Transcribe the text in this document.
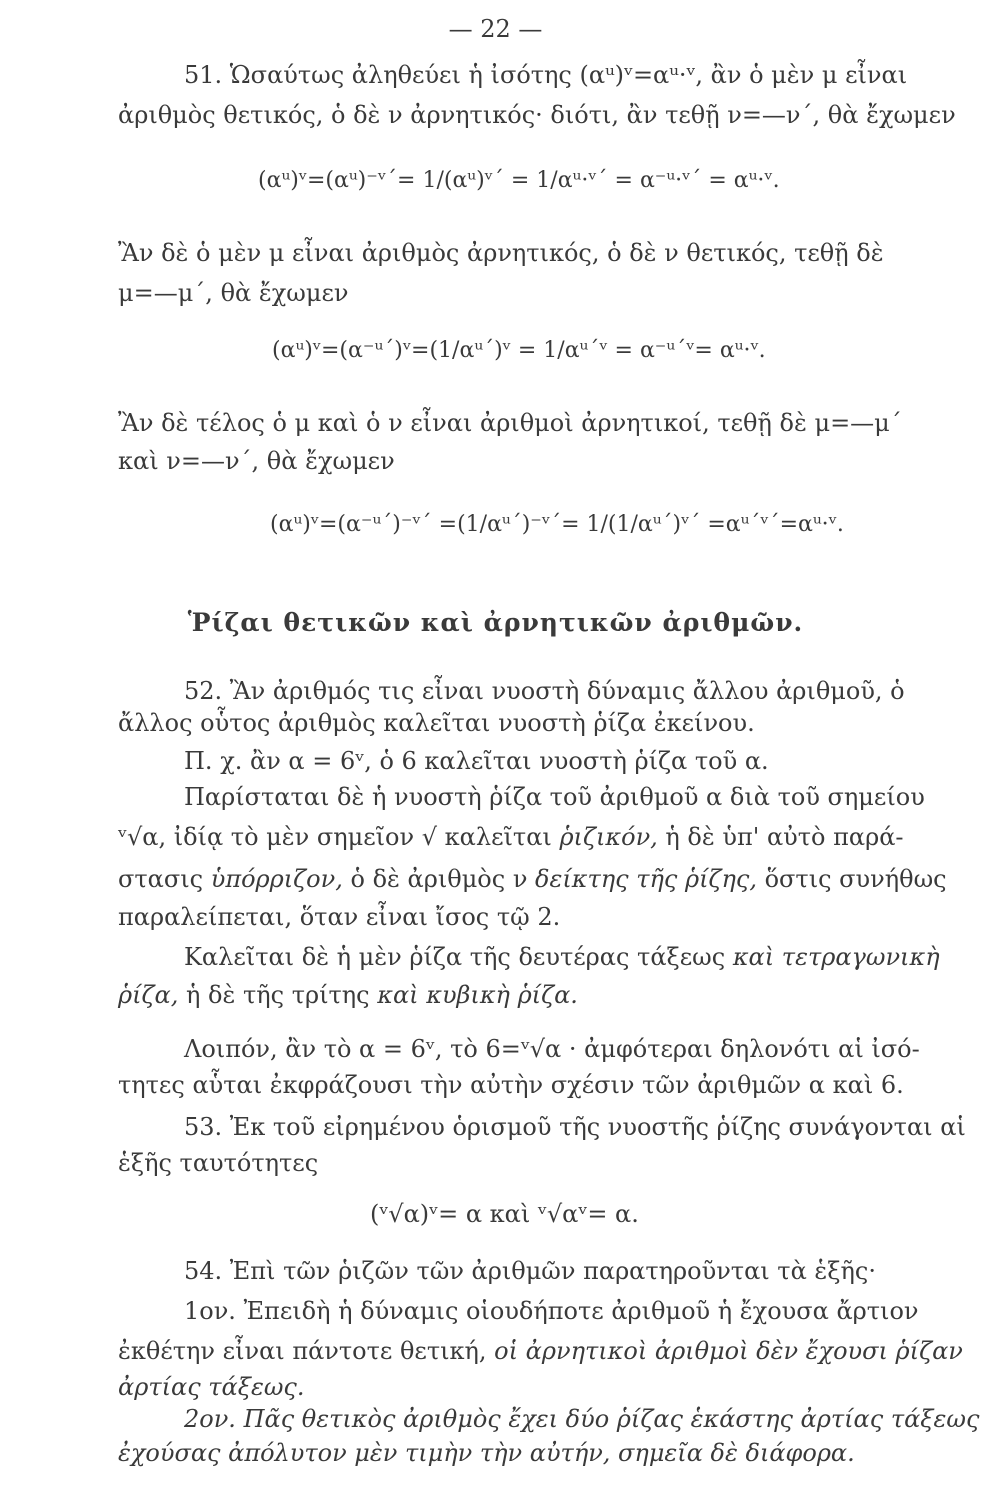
— 22 —
51. Ὡσαύτως ἀληθεύει ἡ ἰσότης (αᵘ)ᵛ=αᵘ·ᵛ, ἂν ὁ μὲν μ εἶναι
ἀριθμὸς θετικός, ὁ δὲ ν ἀρνητικός· διότι, ἂν τεθῇ ν=—ν΄, θὰ ἔχωμεν
(αᵘ)ᵛ=(αᵘ)⁻ᵛ΄= 1/(αᵘ)ᵛ΄ = 1/αᵘ·ᵛ΄ = α⁻ᵘ·ᵛ΄ = αᵘ·ᵛ.
Ἂν δὲ ὁ μὲν μ εἶναι ἀριθμὸς ἀρνητικός, ὁ δὲ ν θετικός, τεθῇ δὲ
μ=—μ΄, θὰ ἔχωμεν
(αᵘ)ᵛ=(α⁻ᵘ΄)ᵛ=(1/αᵘ΄)ᵛ = 1/αᵘ΄ᵛ = α⁻ᵘ΄ᵛ= αᵘ·ᵛ.
Ἂν δὲ τέλος ὁ μ καὶ ὁ ν εἶναι ἀριθμοὶ ἀρνητικοί, τεθῇ δὲ μ=—μ΄
καὶ ν=—ν΄, θὰ ἔχωμεν
(αᵘ)ᵛ=(α⁻ᵘ΄)⁻ᵛ΄ =(1/αᵘ΄)⁻ᵛ΄= 1/(1/αᵘ΄)ᵛ΄ =αᵘ΄ᵛ΄=αᵘ·ᵛ.
Ῥίζαι θετικῶν καὶ ἀρνητικῶν ἀριθμῶν.
52. Ἂν ἀριθμός τις εἶναι νυοστὴ δύναμις ἄλλου ἀριθμοῦ, ὁ
ἄλλος οὗτος ἀριθμὸς καλεῖται νυοστὴ ῥίζα ἐκείνου.
Π. χ. ἂν α = 6ᵛ, ὁ 6 καλεῖται νυοστὴ ῥίζα τοῦ α.
Παρίσταται δὲ ἡ νυοστὴ ῥίζα τοῦ ἀριθμοῦ α διὰ τοῦ σημείου
ᵛ√α, ἰδίᾳ τὸ μὲν σημεῖον √ καλεῖται ῥιζικόν, ἡ δὲ ὑπ' αὐτὸ παρά-
στασις ὑπόρριζον, ὁ δὲ ἀριθμὸς ν δείκτης τῆς ῥίζης, ὅστις συνήθως
παραλείπεται, ὅταν εἶναι ἴσος τῷ 2.
Καλεῖται δὲ ἡ μὲν ῥίζα τῆς δευτέρας τάξεως καὶ τετραγωνικὴ
ῥίζα, ἡ δὲ τῆς τρίτης καὶ κυβικὴ ῥίζα.
Λοιπόν, ἂν τὸ α = 6ᵛ, τὸ 6=ᵛ√α · ἀμφότεραι δηλονότι αἱ ἰσό-
τητες αὗται ἐκφράζουσι τὴν αὐτὴν σχέσιν τῶν ἀριθμῶν α καὶ 6.
53. Ἐκ τοῦ εἰρημένου ὁρισμοῦ τῆς νυοστῆς ῥίζης συνάγονται αἱ
ἑξῆς ταυτότητες
(ᵛ√α)ᵛ= α καὶ ᵛ√αᵛ= α.
54. Ἐπὶ τῶν ῥιζῶν τῶν ἀριθμῶν παρατηροῦνται τὰ ἑξῆς·
1ον. Ἐπειδὴ ἡ δύναμις οἱουδήποτε ἀριθμοῦ ἡ ἔχουσα ἄρτιον
ἐκθέτην εἶναι πάντοτε θετική, οἱ ἀρνητικοὶ ἀριθμοὶ δὲν ἔχουσι ῥίζαν
ἀρτίας τάξεως.
2ον. Πᾶς θετικὸς ἀριθμὸς ἔχει δύο ῥίζας ἑκάστης ἀρτίας τάξεως
ἐχούσας ἀπόλυτον μὲν τιμὴν τὴν αὐτήν, σημεῖα δὲ διάφορα.
